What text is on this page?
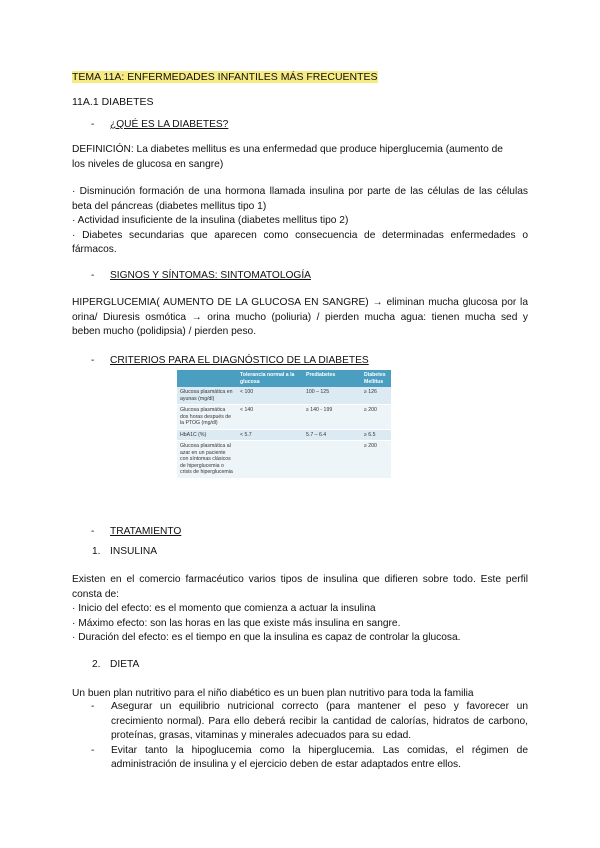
TEMA 11A: ENFERMEDADES INFANTILES MÁS FRECUENTES
11A.1 DIABETES
- ¿QUÉ ES LA DIABETES?

DEFINICIÓN: La diabetes mellitus es una enfermedad que produce hiperglucemia (aumento de

los niveles de glucosa en sangre)

· Disminución formación de una hormona llamada insulina por parte de las células de las células

beta del páncreas (diabetes mellitus tipo 1)

· Actividad insuficiente de la insulina (diabetes mellitus tipo 2)

· Diabetes secundarias que aparecen como consecuencia de determinadas enfermedades o

fármacos.

- SIGNOS Y SÍNTOMAS: SINTOMATOLOGÍA

HIPERGLUCEMIA( AUMENTO DE LA GLUCOSA EN SANGRE) → eliminan mucha glucosa por la

orina/ Diuresis osmótica → orina mucho (poliuria) / pierden mucha agua: tienen mucha sed y

beben mucho (polidipsia) / pierden peso.

- CRITERIOS PARA EL DIAGNÓSTICO DE LA DIABETES
	Tolerancia normal a la glucosa	Prediabetes	Diabetes Mellitus
Glucosa plasmática en ayunas (mg/dl)	< 100	100 – 125	≥ 126
Glucosa plasmática dos horas después de la PTOG (mg/dl)	< 140	≥ 140 - 199	≥ 200
HbA1C (%)	< 5.7	5.7 – 6.4	≥ 6.5
Glucosa plasmática al azar en un paciente con síntomas clásicos de hiperglucemia o crisis de hiperglucemia			≥ 200
- TRATAMIENTO
1. INSULINA

Existen en el comercio farmacéutico varios tipos de insulina que difieren sobre todo. Este perfil

consta de:

· Inicio del efecto: es el momento que comienza a actuar la insulina

· Máximo efecto: son las horas en las que existe más insulina en sangre.

· Duración del efecto: es el tiempo en que la insulina es capaz de controlar la glucosa.

2. DIETA
Un buen plan nutritivo para el niño diabético es un buen plan nutritivo para toda la familia
- Asegurar un equilibrio nutricional correcto (para mantener el peso y favorecer un crecimiento normal). Para ello deberá recibir la cantidad de calorías, hidratos de carbono, proteínas, grasas, vitaminas y minerales adecuados para su edad.
- Evitar tanto la hipoglucemia como la hiperglucemia. Las comidas, el régimen de administración de insulina y el ejercicio deben de estar adaptados entre ellos.
